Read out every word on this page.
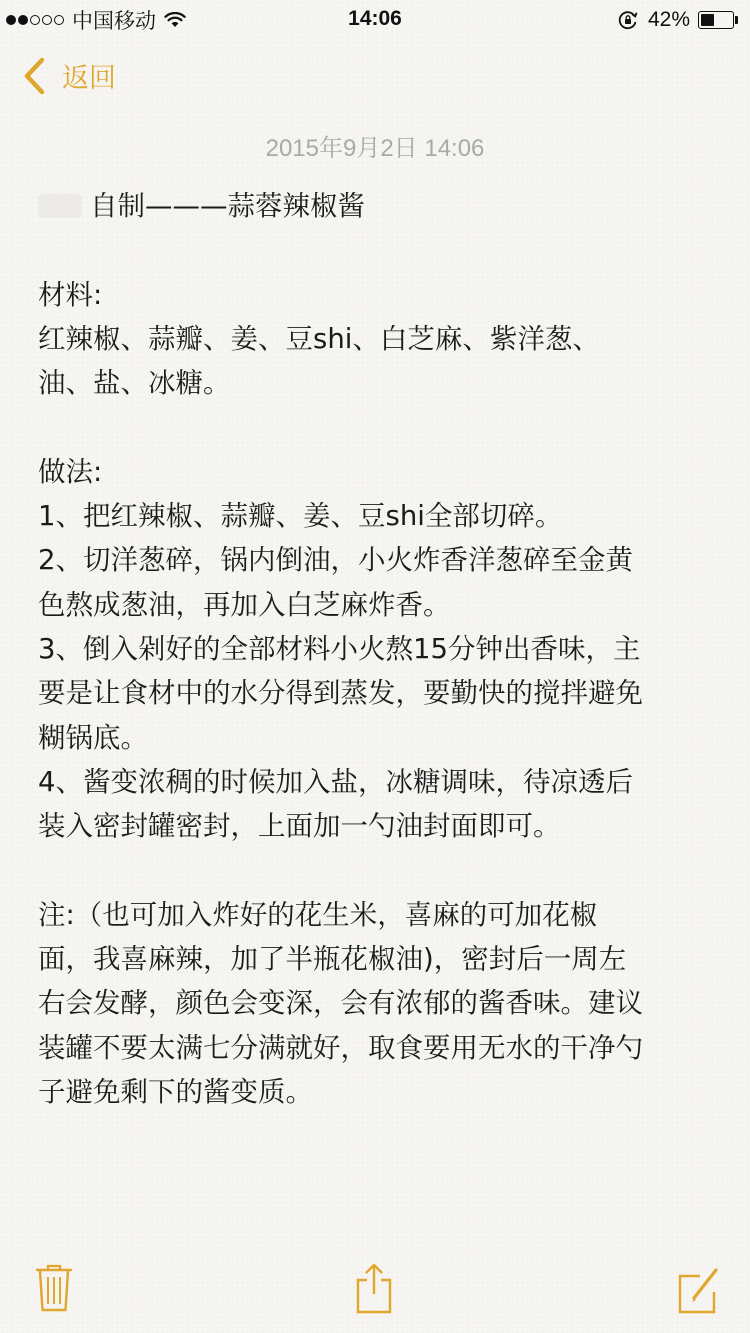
中国移动	14:06	42%
返回
2015年9月2日 14:06
自制———蒜蓉辣椒酱
材料:
红辣椒、蒜瓣、姜、豆shi、白芝麻、紫洋葱、
油、盐、冰糖。
做法:
1、把红辣椒、蒜瓣、姜、豆shi全部切碎。
2、切洋葱碎，锅内倒油，小火炸香洋葱碎至金黄
色熬成葱油，再加入白芝麻炸香。
3、倒入剁好的全部材料小火熬15分钟出香味，主
要是让食材中的水分得到蒸发，要勤快的搅拌避免
糊锅底。
4、酱变浓稠的时候加入盐，冰糖调味，待凉透后
装入密封罐密封，上面加一勺油封面即可。
注:（也可加入炸好的花生米，喜麻的可加花椒
面，我喜麻辣，加了半瓶花椒油)，密封后一周左
右会发酵，颜色会变深，会有浓郁的酱香味。建议
装罐不要太满七分满就好，取食要用无水的干净勺
子避免剩下的酱变质。
